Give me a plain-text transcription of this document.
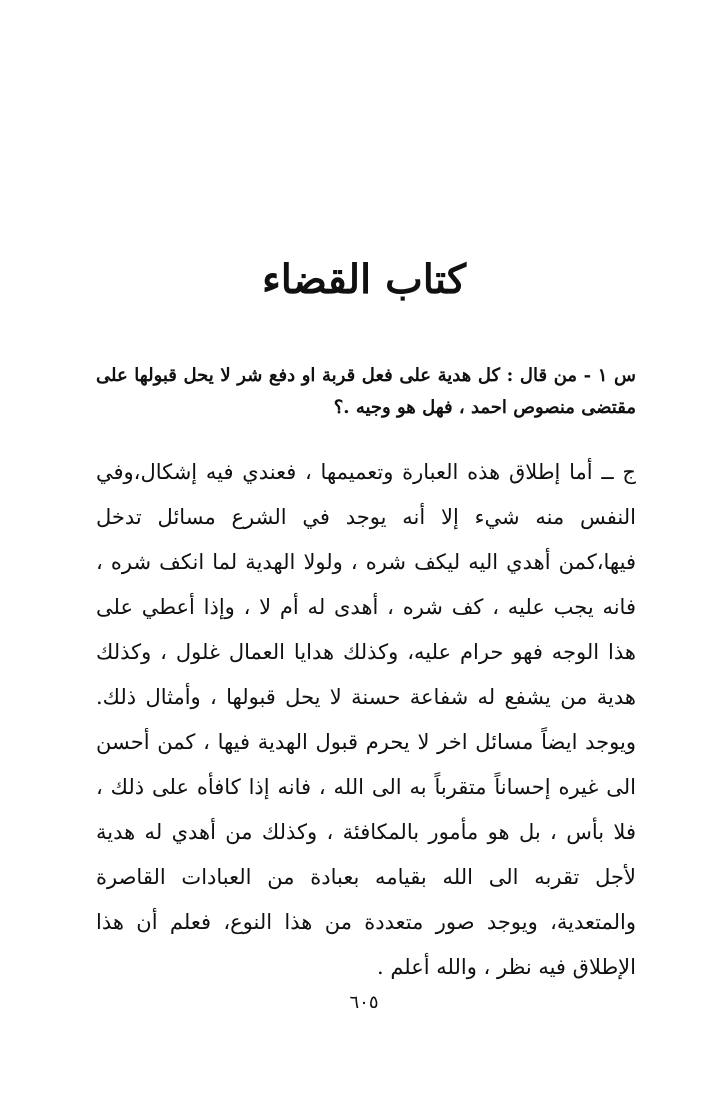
كتاب القضاء
س ١ - من قال : كل هدية على فعل قربة او دفع شر لا يحل قبولها على مقتضى منصوص احمد ، فهل هو وجيه .؟
ج ــ أما إطلاق هذه العبارة وتعميمها ، فعندي فيه إشكال،وفي النفس منه شيء إلا أنه يوجد في الشرع مسائل تدخل فيها،كمن أهدي اليه ليكف شره ، ولولا الهدية لما انكف شره ، فانه يجب عليه ، كف شره ، أهدى له أم لا ، وإذا أعطي على هذا الوجه فهو حرام عليه، وكذلك هدايا العمال غلول ، وكذلك هدية من يشفع له شفاعة حسنة لا يحل قبولها ، وأمثال ذلك. ويوجد ايضاً مسائل اخر لا يحرم قبول الهدية فيها ، كمن أحسن الى غيره إحساناً متقرباً به الى الله ، فانه إذا كافأه على ذلك ، فلا بأس ، بل هو مأمور بالمكافئة ، وكذلك من أهدي له هدية لأجل تقربه الى الله بقيامه بعبادة من العبادات القاصرة والمتعدية، ويوجد صور متعددة من هذا النوع، فعلم أن هذا الإطلاق فيه نظر ، والله أعلم .
٦٠٥
